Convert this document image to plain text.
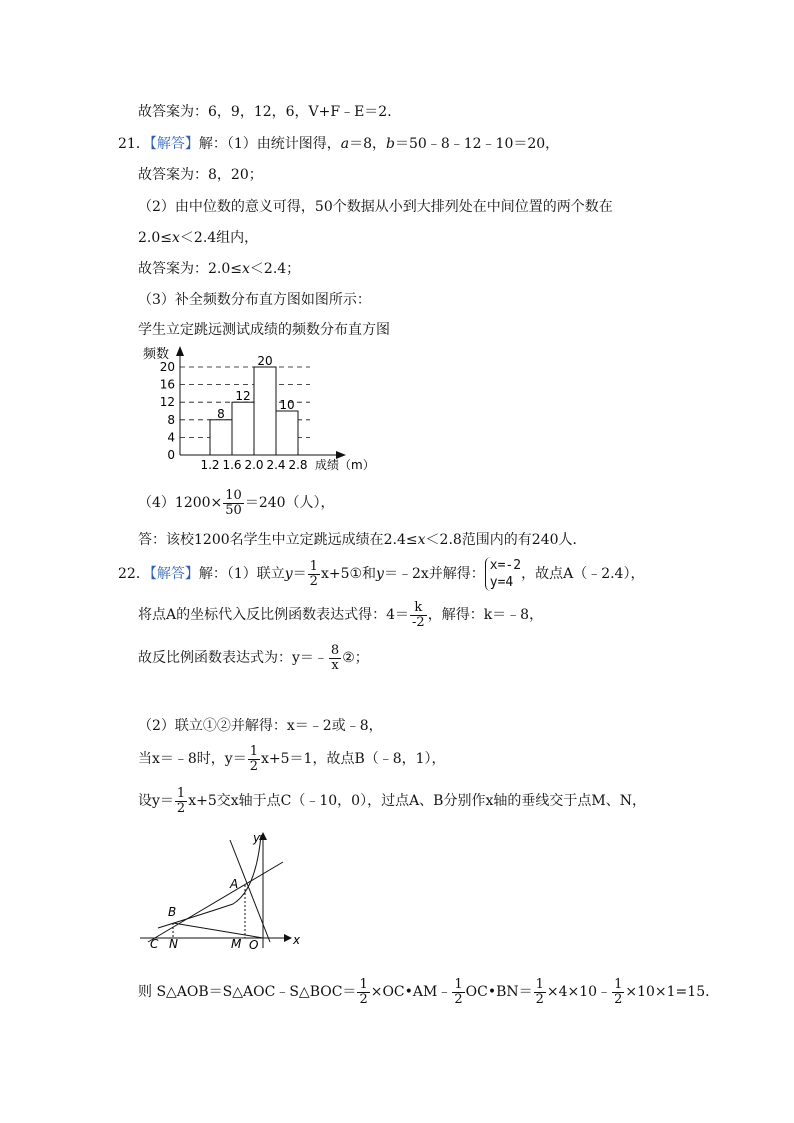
故答案为：6，9，12，6，V+F﹣E＝2．
21．【解答】解：（1）由统计图得，a＝8，b＝50﹣8﹣12﹣10＝20，
故答案为：8，20；
（2）由中位数的意义可得，50个数据从小到大排列处在中间位置的两个数在
2.0≤x＜2.4组内，
故答案为：2.0≤x＜2.4；
（3）补全频数分布直方图如图所示：
学生立定跳远测试成绩的频数分布直方图
频数
成绩（m）
0
4
8
12
16
20
1.2 1.6 2.0 2.4 2.8
8
12
20
10
$(4)1200\times \frac{10}{50} =240$（人），
答：该校1200名学生中立定跳远成绩在2.4≤x＜2.8范围内的有240人．
22．【解答】解：（1）联立$y= \frac{1}{2}$ x+5①和y＝﹣2x并解得：
x=-2
y=4
，故点A（﹣2.4），
将点A的坐标代入反比例函数表达式得：$4= \frac{k}{-2}$ ，解得：k＝﹣8，
故反比例函数表达式为：y＝﹣ $\frac{8}{x}$ ②；
（2）联立①②并解得：x＝﹣2或﹣8，
当x＝﹣8时，$y= \frac{1}{2} x+5=1$，故点B（﹣8，1），
设$y= \frac{1}{2} x+5$交x轴于点C（﹣10，0），过点A、B分别作x轴的垂线交于点M、N，
y
x
A
B
C N	M O
则 S△AOB＝S△AOC﹣S△BOC＝ $\frac{1}{2}$ ×OC•AM﹣ $\frac{1}{2}$ OC•BN＝ $\frac{1}{2}$ ×4×10﹣ $\frac{1}{2} \times 10\times 1=15$．
